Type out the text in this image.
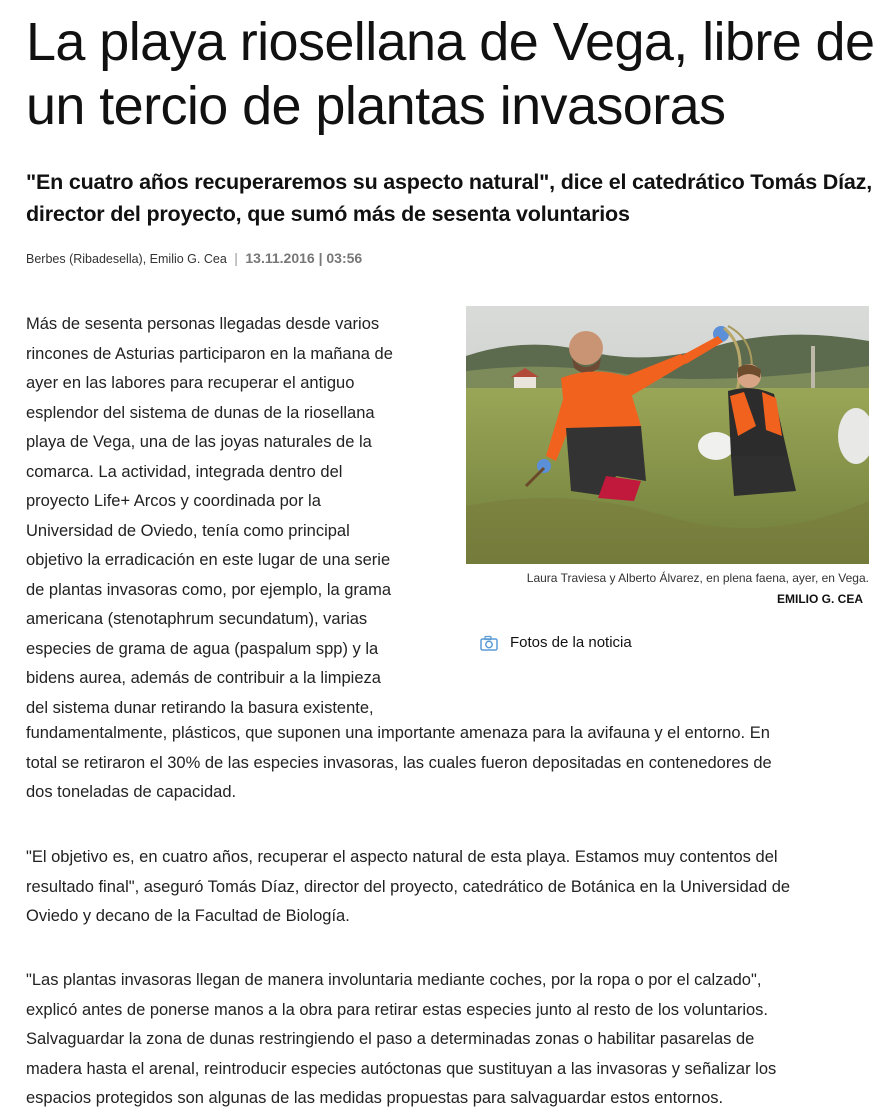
La playa riosellana de Vega, libre de un tercio de plantas invasoras
"En cuatro años recuperaremos su aspecto natural", dice el catedrático Tomás Díaz, director del proyecto, que sumó más de sesenta voluntarios
Berbes (Ribadesella), Emilio G. Cea | 13.11.2016 | 03:56

Más de sesenta personas llegadas desde varios
rincones de Asturias participaron en la mañana de
ayer en las labores para recuperar el antiguo
esplendor del sistema de dunas de la riosellana
playa de Vega, una de las joyas naturales de la
comarca. La actividad, integrada dentro del
proyecto Life+ Arcos y coordinada por la
Universidad de Oviedo, tenía como principal
objetivo la erradicación en este lugar de una serie
de plantas invasoras como, por ejemplo, la grama
americana (stenotaphrum secundatum), varias
especies de grama de agua (paspalum spp) y la
bidens aurea, además de contribuir a la limpieza
del sistema dunar retirando la basura existente,

Laura Traviesa y Alberto Álvarez, en plena faena, ayer, en Vega.
EMILIO G. CEA
Fotos de la noticia

fundamentalmente, plásticos, que suponen una importante amenaza para la avifauna y el entorno. En
total se retiraron el 30% de las especies invasoras, las cuales fueron depositadas en contenedores de
dos toneladas de capacidad.

"El objetivo es, en cuatro años, recuperar el aspecto natural de esta playa. Estamos muy contentos del
resultado final", aseguró Tomás Díaz, director del proyecto, catedrático de Botánica en la Universidad de
Oviedo y decano de la Facultad de Biología.

"Las plantas invasoras llegan de manera involuntaria mediante coches, por la ropa o por el calzado",
explicó antes de ponerse manos a la obra para retirar estas especies junto al resto de los voluntarios.
Salvaguardar la zona de dunas restringiendo el paso a determinadas zonas o habilitar pasarelas de
madera hasta el arenal, reintroducir especies autóctonas que sustituyan a las invasoras y señalizar los
espacios protegidos son algunas de las medidas propuestas para salvaguardar estos entornos.
